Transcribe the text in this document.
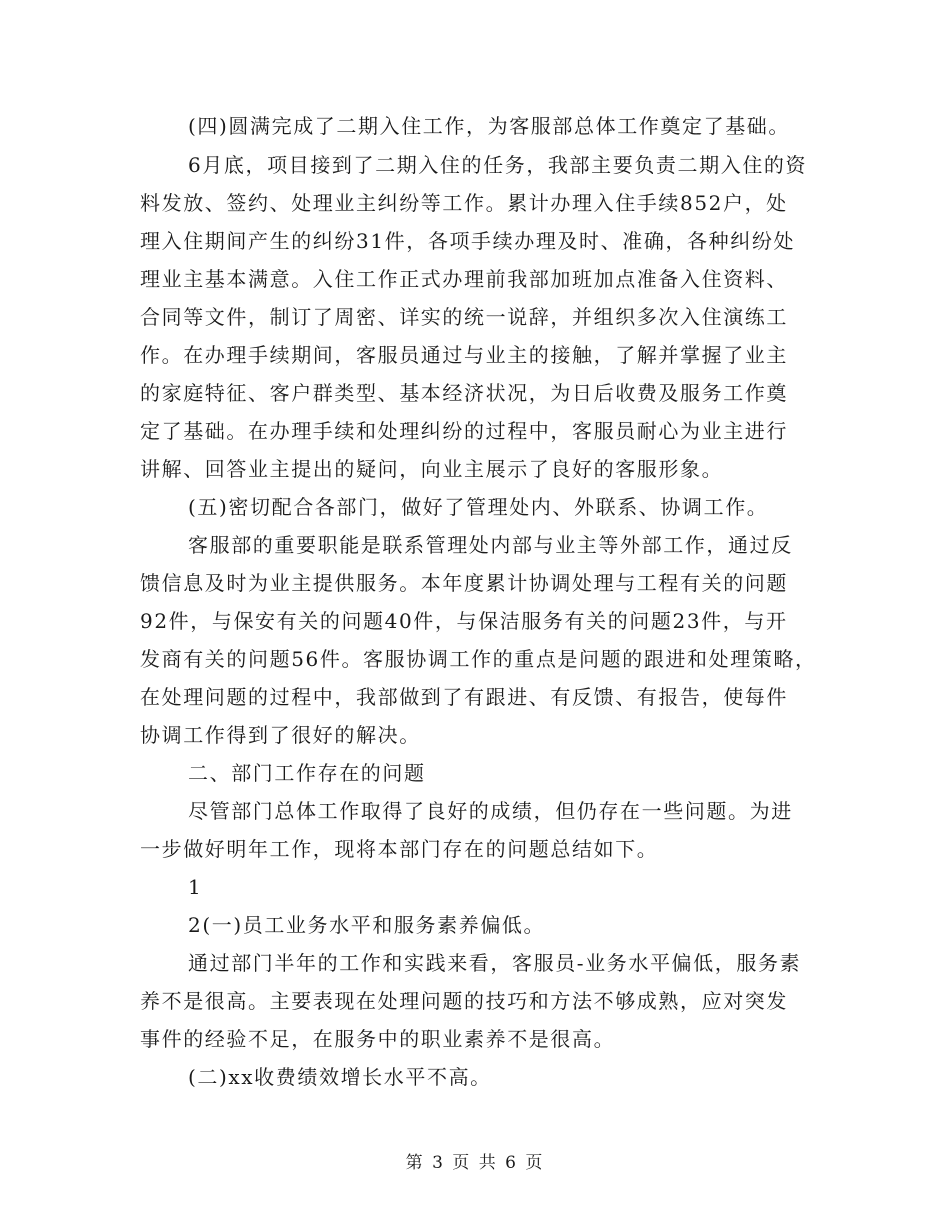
(四)圆满完成了二期入住工作，为客服部总体工作奠定了基础。
6月底，项目接到了二期入住的任务，我部主要负责二期入住的资
料发放、签约、处理业主纠纷等工作。累计办理入住手续852户，处
理入住期间产生的纠纷31件，各项手续办理及时、准确，各种纠纷处
理业主基本满意。入住工作正式办理前我部加班加点准备入住资料、
合同等文件，制订了周密、详实的统一说辞，并组织多次入住演练工
作。在办理手续期间，客服员通过与业主的接触，了解并掌握了业主
的家庭特征、客户群类型、基本经济状况，为日后收费及服务工作奠
定了基础。在办理手续和处理纠纷的过程中，客服员耐心为业主进行
讲解、回答业主提出的疑问，向业主展示了良好的客服形象。
(五)密切配合各部门，做好了管理处内、外联系、协调工作。
客服部的重要职能是联系管理处内部与业主等外部工作，通过反
馈信息及时为业主提供服务。本年度累计协调处理与工程有关的问题
92件，与保安有关的问题40件，与保洁服务有关的问题23件，与开
发商有关的问题56件。客服协调工作的重点是问题的跟进和处理策略，
在处理问题的过程中，我部做到了有跟进、有反馈、有报告，使每件
协调工作得到了很好的解决。
二、部门工作存在的问题
尽管部门总体工作取得了良好的成绩，但仍存在一些问题。为进
一步做好明年工作，现将本部门存在的问题总结如下。
1
2(一)员工业务水平和服务素养偏低。
通过部门半年的工作和实践来看，客服员-业务水平偏低，服务素
养不是很高。主要表现在处理问题的技巧和方法不够成熟，应对突发
事件的经验不足，在服务中的职业素养不是很高。
(二)xx收费绩效增长水平不高。
第 3 页 共 6 页
